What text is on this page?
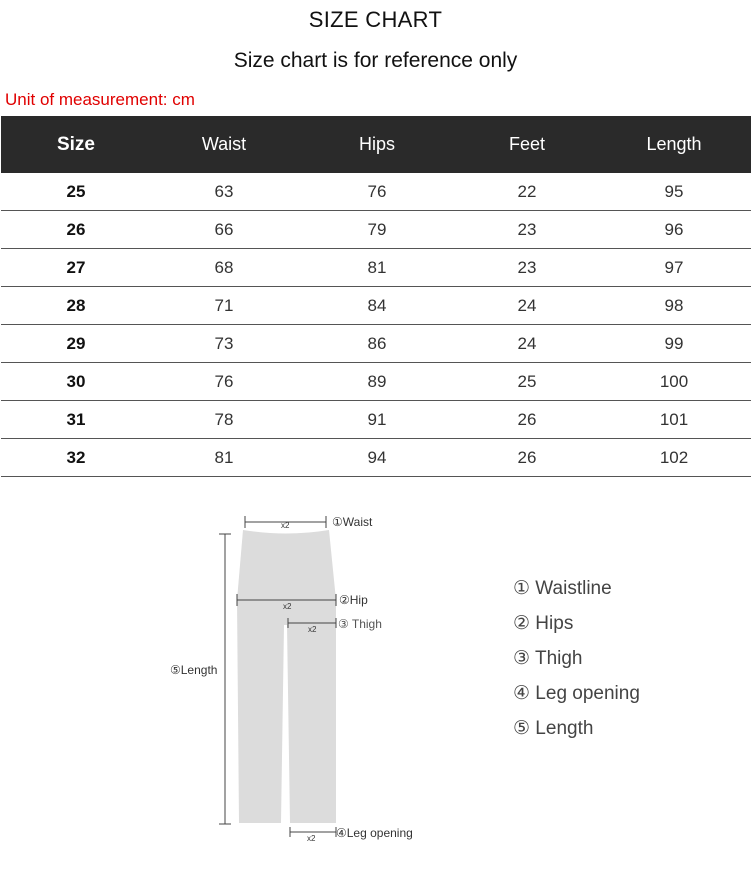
SIZE CHART
Size chart is for reference only
Unit of measurement: cm
Size	Waist	Hips	Feet	Length
25	63	76	22	95
26	66	79	23	96
27	68	81	23	97
28	71	84	24	98
29	73	86	24	99
30	76	89	25	100
31	78	91	26	101
32	81	94	26	102
x2	①Waist
x2	②Hip
x2 ③ Thigh
⑤Length
x2 ④Leg opening
① Waistline
② Hips
③ Thigh
④ Leg opening
⑤ Length
